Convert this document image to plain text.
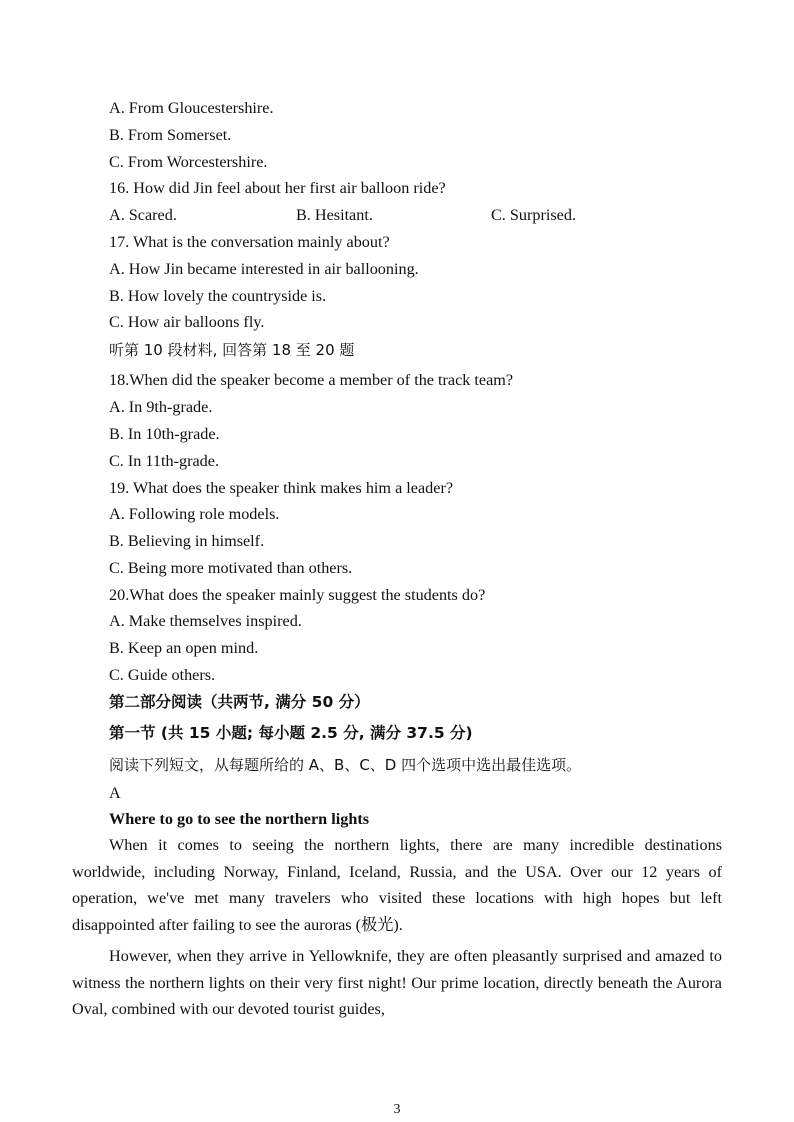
A. From Gloucestershire.
B. From Somerset.
C. From Worcestershire.
16. How did Jin feel about her first air balloon ride?
A. Scared.	B. Hesitant.	C. Surprised.
17. What is the conversation mainly about?
A. How Jin became interested in air ballooning.
B. How lovely the countryside is.
C. How air balloons fly.
听第 10 段材料, 回答第 18 至 20 题
18.When did the speaker become a member of the track team?
A. In 9th-grade.
B. In 10th-grade.
C. In 11th-grade.
19. What does the speaker think makes him a leader?
A. Following role models.
B. Believing in himself.
C. Being more motivated than others.
20.What does the speaker mainly suggest the students do?
A. Make themselves inspired.
B. Keep an open mind.
C. Guide others.
第二部分阅读（共两节, 满分 50 分）
第一节 (共 15 小题; 每小题 2.5 分, 满分 37.5 分)
阅读下列短文，从每题所给的 A、B、C、D 四个选项中选出最佳选项。
A
Where to go to see the northern lights
When it comes to seeing the northern lights, there are many incredible destinations worldwide, including Norway, Finland, Iceland, Russia, and the USA. Over our 12 years of operation, we've met many travelers who visited these locations with high hopes but left disappointed after failing to see the auroras (极光).
However, when they arrive in Yellowknife, they are often pleasantly surprised and amazed to witness the northern lights on their very first night! Our prime location, directly beneath the Aurora Oval, combined with our devoted tourist guides,
3
